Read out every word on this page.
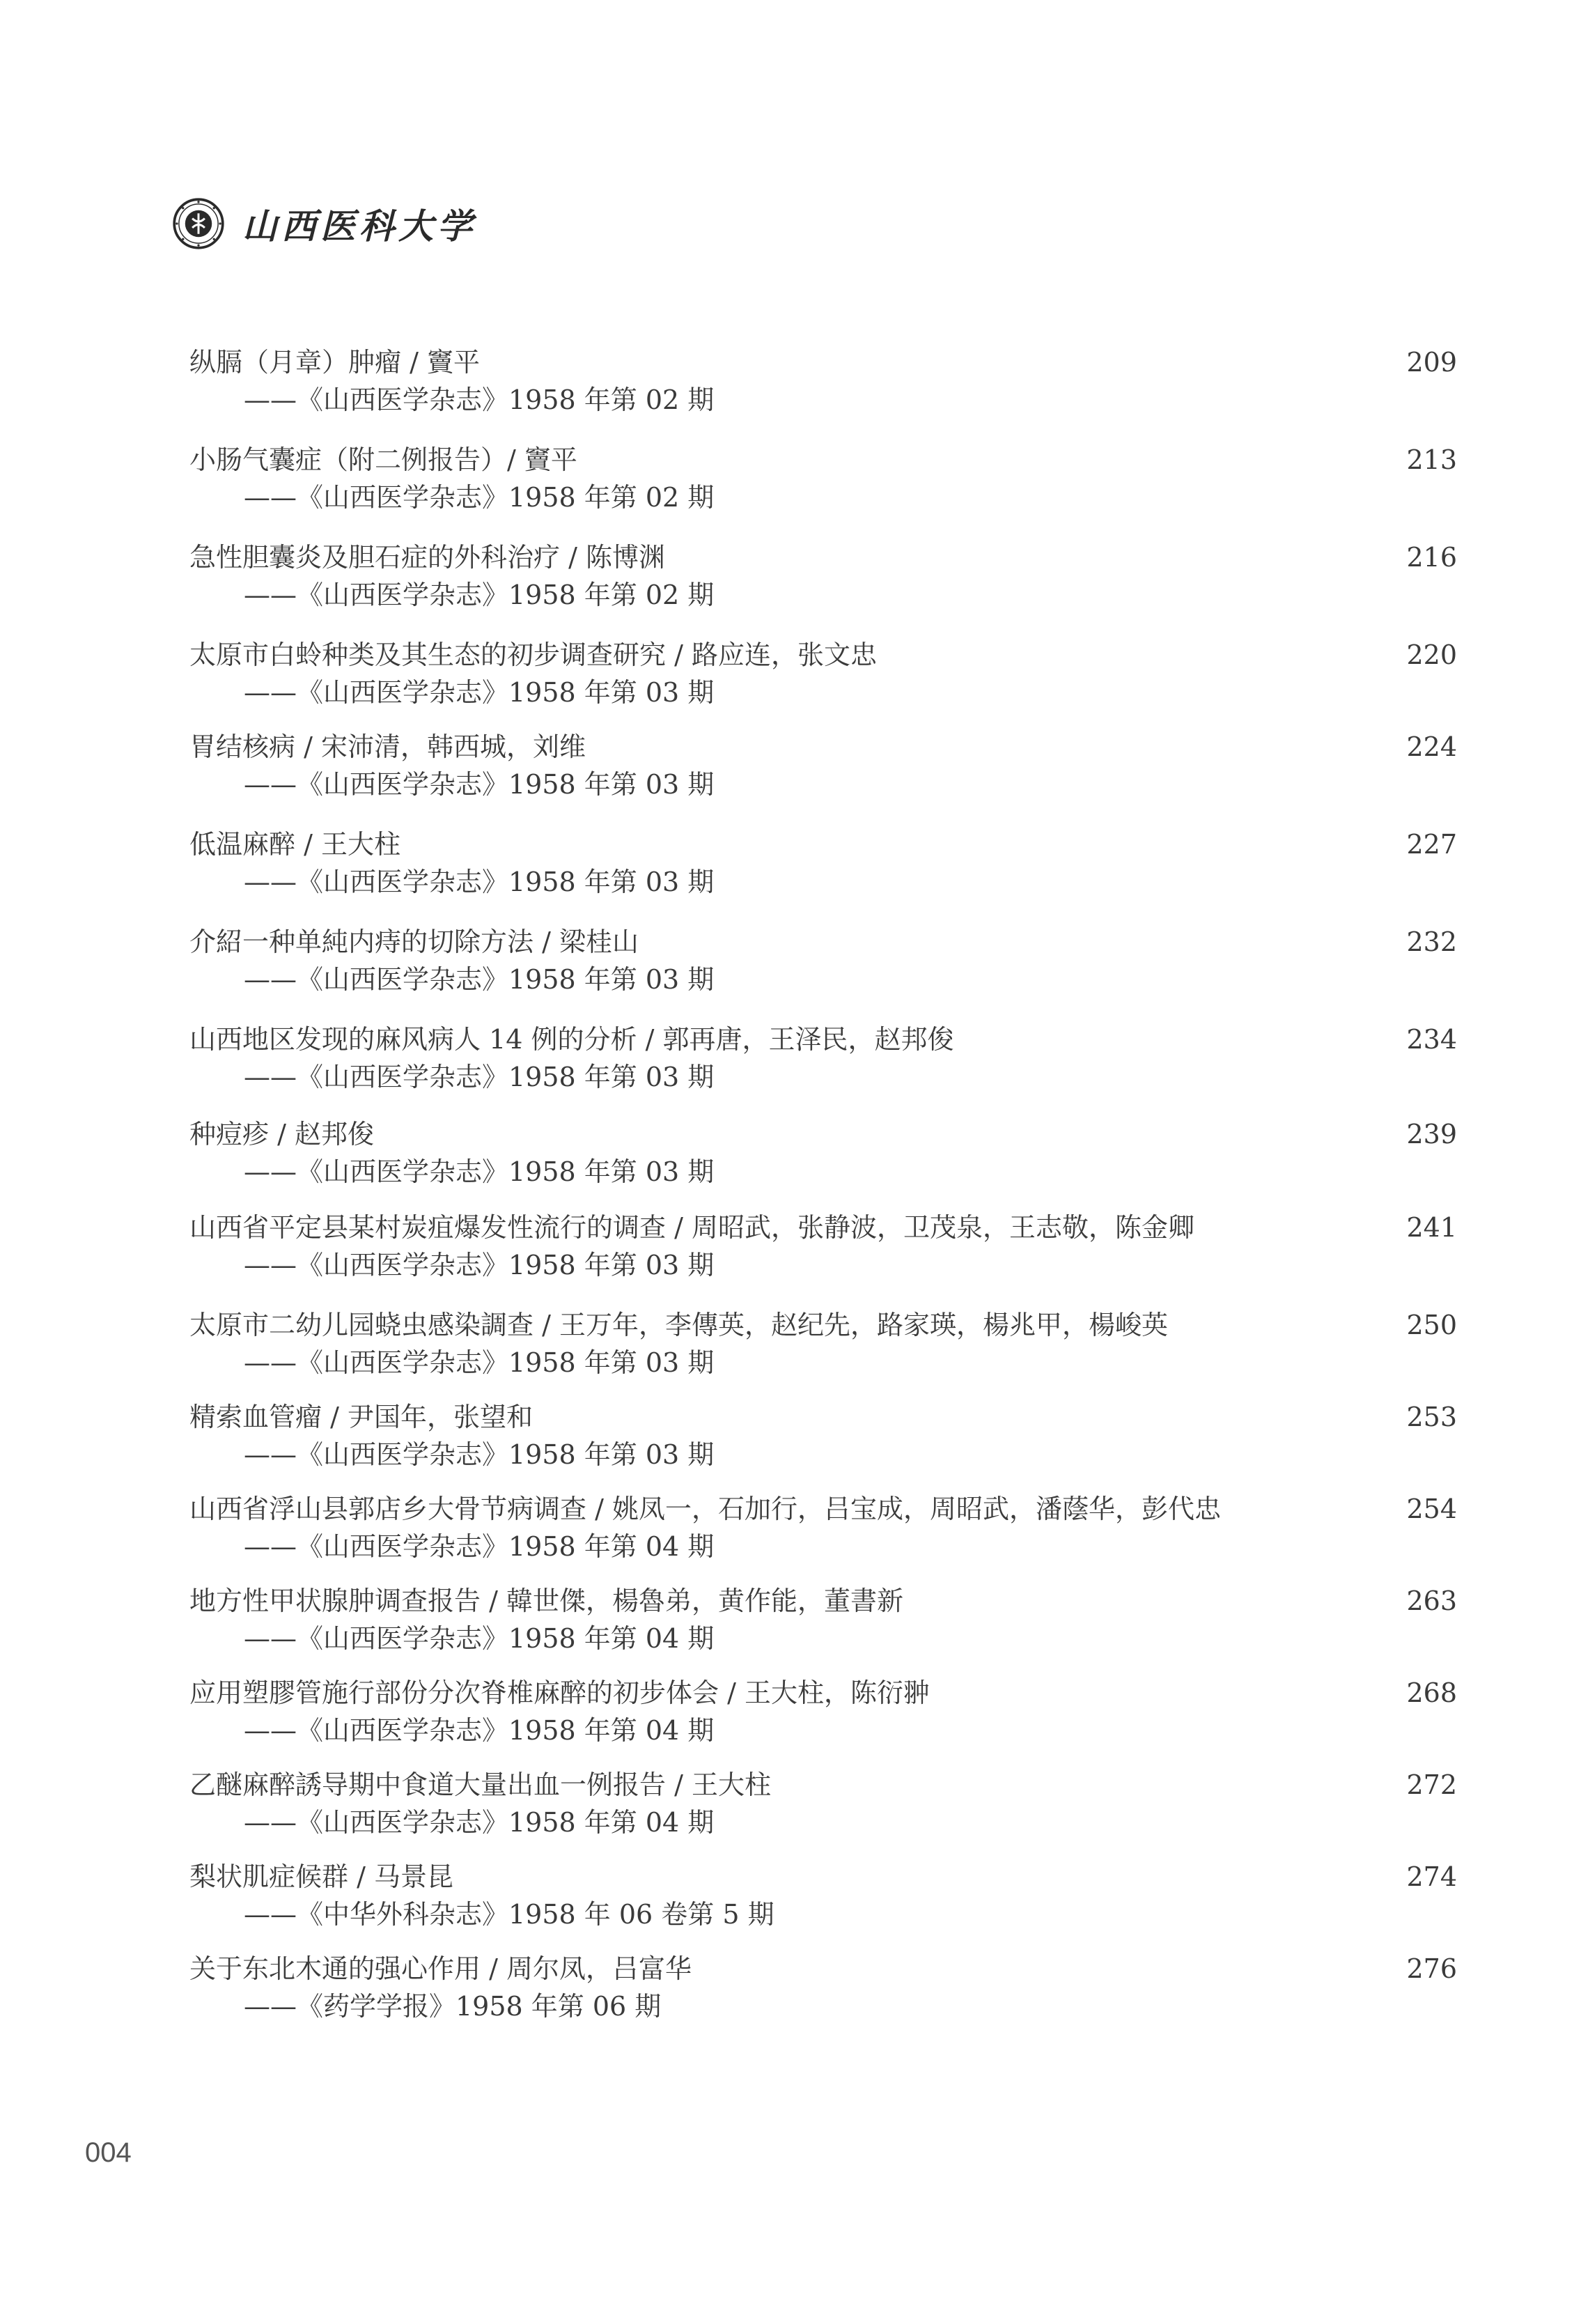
山西医科大学
纵膈（月章）肿瘤 / 竇平
——《山西医学杂志》1958 年第 02 期
209
小肠气囊症（附二例报告）/ 竇平
——《山西医学杂志》1958 年第 02 期
213
急性胆囊炎及胆石症的外科治疗 / 陈博渊
——《山西医学杂志》1958 年第 02 期
216
太原市白蛉种类及其生态的初步调查研究 / 路应连，张文忠
——《山西医学杂志》1958 年第 03 期
220
胃结核病 / 宋沛清，韩西城，刘维
——《山西医学杂志》1958 年第 03 期
224
低温麻醉 / 王大柱
——《山西医学杂志》1958 年第 03 期
227
介紹一种单純内痔的切除方法 / 梁桂山
——《山西医学杂志》1958 年第 03 期
232
山西地区发现的麻风病人 14 例的分析 / 郭再唐，王泽民，赵邦俊
——《山西医学杂志》1958 年第 03 期
234
种痘疹 / 赵邦俊
——《山西医学杂志》1958 年第 03 期
239
山西省平定县某村炭疽爆发性流行的调查 / 周昭武，张静波，卫茂泉，王志敬，陈金卿
——《山西医学杂志》1958 年第 03 期
241
太原市二幼儿园蛲虫感染調查 / 王万年，李傳英，赵纪先，路家瑛，楊兆甲，楊峻英
——《山西医学杂志》1958 年第 03 期
250
精索血管瘤 / 尹国年，张望和
——《山西医学杂志》1958 年第 03 期
253
山西省浮山县郭店乡大骨节病调查 / 姚凤一，石加行，吕宝成，周昭武，潘蔭华，彭代忠
——《山西医学杂志》1958 年第 04 期
254
地方性甲状腺肿调查报告 / 韓世傑，楊魯弟，黄作能，董書新
——《山西医学杂志》1958 年第 04 期
263
应用塑膠管施行部份分次脊椎麻醉的初步体会 / 王大柱，陈衍翀
——《山西医学杂志》1958 年第 04 期
268
乙醚麻醉誘导期中食道大量出血一例报告 / 王大柱
——《山西医学杂志》1958 年第 04 期
272
梨状肌症候群 / 马景昆
——《中华外科杂志》1958 年 06 卷第 5 期
274
关于东北木通的强心作用 / 周尔凤，吕富华
——《药学学报》1958 年第 06 期
276
004
